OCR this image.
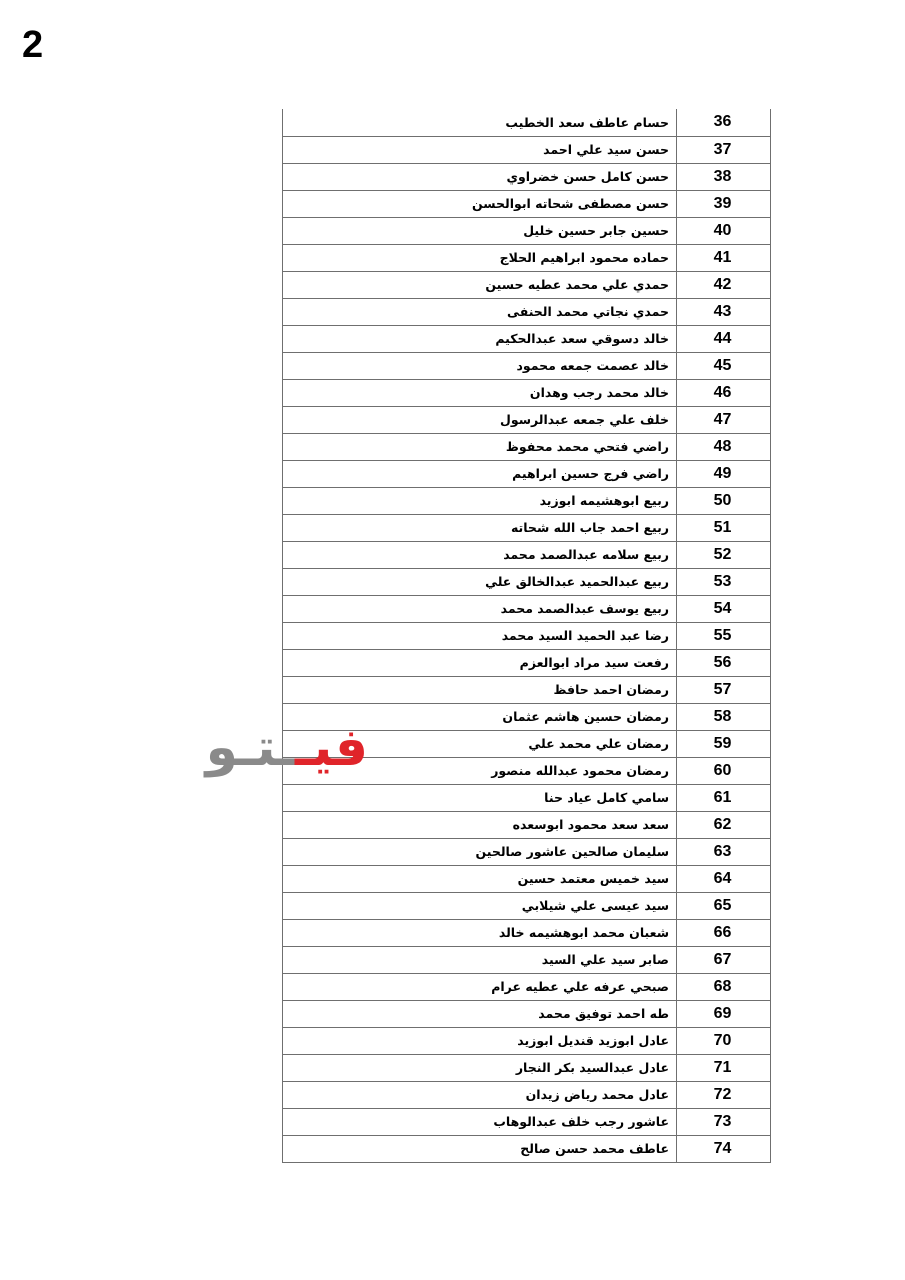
2
حسام عاطف سعد الخطيب	36
حسن سيد علي احمد	37
حسن كامل حسن خضراوي	38
حسن مصطفى شحاته ابوالحسن	39
حسين جابر حسين خليل	40
حماده محمود ابراهيم الحلاج	41
حمدي علي محمد عطيه حسين	42
حمدي نجاتي محمد الحنفى	43
خالد دسوقي سعد عبدالحكيم	44
خالد عصمت جمعه محمود	45
خالد محمد رجب وهدان	46
خلف علي جمعه عبدالرسول	47
راضي فتحي محمد محفوظ	48
راضي فرج حسين ابراهيم	49
ربيع ابوهشيمه ابوزيد	50
ربيع احمد جاب الله شحاته	51
ربيع سلامه عبدالصمد محمد	52
ربيع عبدالحميد عبدالخالق علي	53
ربيع يوسف عبدالصمد محمد	54
رضا عبد الحميد السيد محمد	55
رفعت سيد مراد ابوالعزم	56
رمضان احمد حافظ	57
رمضان حسين هاشم عثمان	58
رمضان علي محمد علي	59
رمضان محمود عبدالله منصور	60
سامي كامل عياد حنا	61
سعد سعد محمود ابوسعده	62
سليمان صالحين عاشور صالحين	63
سيد خميس معتمد حسين	64
سيد عيسى علي شيلابي	65
شعبان محمد ابوهشيمه خالد	66
صابر سيد علي السيد	67
صبحي عرفه علي عطيه عرام	68
طه احمد توفيق محمد	69
عادل ابوزيد قنديل ابوزيد	70
عادل عبدالسيد بكر النجار	71
عادل محمد رياض زيدان	72
عاشور رجب خلف عبدالوهاب	73
عاطف محمد حسن صالح	74
فيــتـو
